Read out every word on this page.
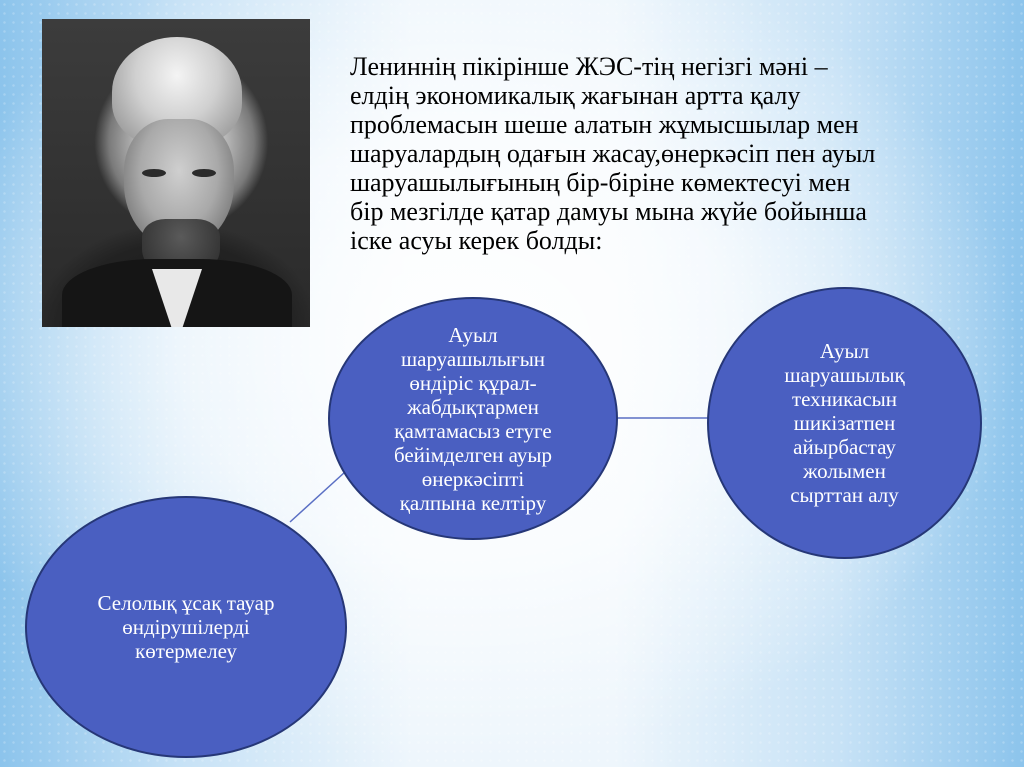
Лениннің пікірінше ЖЭС-тің негізгі мәні –
елдің экономикалық жағынан артта қалу
проблемасын шеше алатын жұмысшылар мен
шаруалардың одағын жасау,өнеркәсіп пен ауыл
шаруашылығының бір-біріне көмектесуі мен
бір мезгілде қатар дамуы мына жүйе бойынша
іске асуы керек болды:

Ауыл
шаруашылығын
өндіріс құрал-
жабдықтармен
қамтамасыз етуге
бейімделген ауыр
өнеркәсіпті
қалпына келтіру
Ауыл
шаруашылық
техникасын
шикізатпен
айырбастау
жолымен
сырттан алу
Селолық ұсақ тауар
өндірушілерді
көтермелеу
